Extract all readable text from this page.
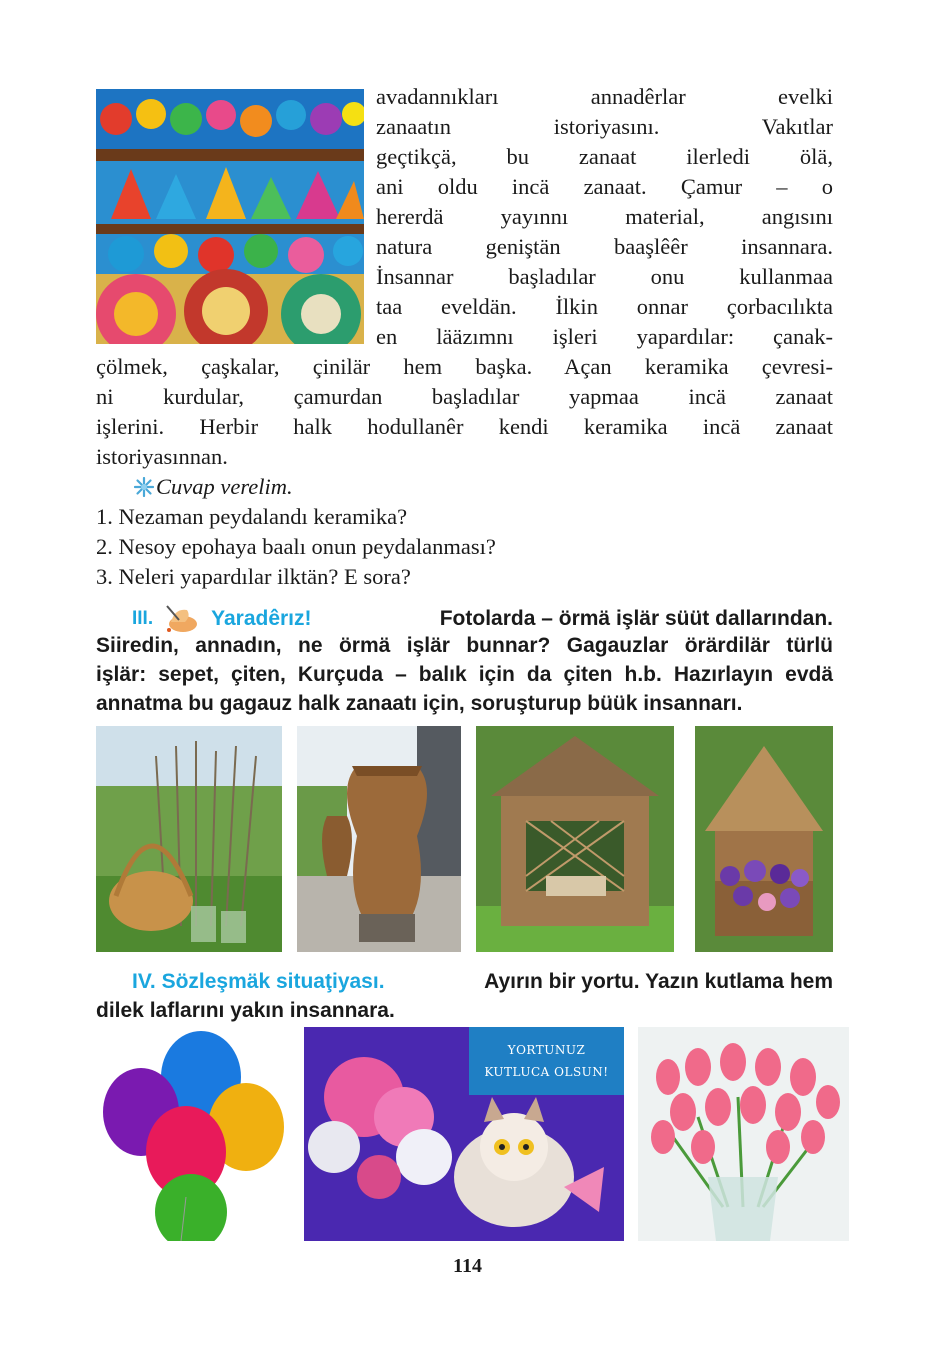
avadannıkları annadêrlar evelki
zanaatın istoriyasını. Vakıtlar
geçtikçä, bu zanaat ilerledi ölä,
ani oldu incä zanaat. Çamur – o
hererdä yayınnı material, angısını
natura geniştän baaşlêêr insannara.
İnsannar başladılar onu kullanmaa
taa eveldän. İlkin onnar çorbacılıkta
en lääzımnı işleri yapardılar: çanak-
çölmek, çaşkalar, çinilär hem başka. Açan keramika çevresi-
ni kurdular, çamurdan başladılar yapmaa incä zanaat
işlerini. Herbir halk hodullanêr kendi keramika incä zanaat
istoriyasınnan.
Cuvap verelim.
1. Nezaman peydalandı keramika?
2. Nesoy epohaya baalı onun peydalanması?
3. Neleri yapardılar ilktän? E sora?
III.	Yaradêrız!	Fotolarda – örmä işlär süüt dallarından.
Siiredin, annadın, ne örmä işlär bunnar? Gagauzlar örärdilär türlü
işlär: sepet, çiten, Kurçuda – balık için da çiten h.b. Hazırlayın evdä
annatma bu gagauz halk zanaatı için, soruşturup büük insannarı.
IV. Sözleşmäk situaţiyası.	Ayırın bir yortu. Yazın kutlama hem
dilek laflarını yakın insannara.
YORTUNUZ
KUTLUCA OLSUN!
114
